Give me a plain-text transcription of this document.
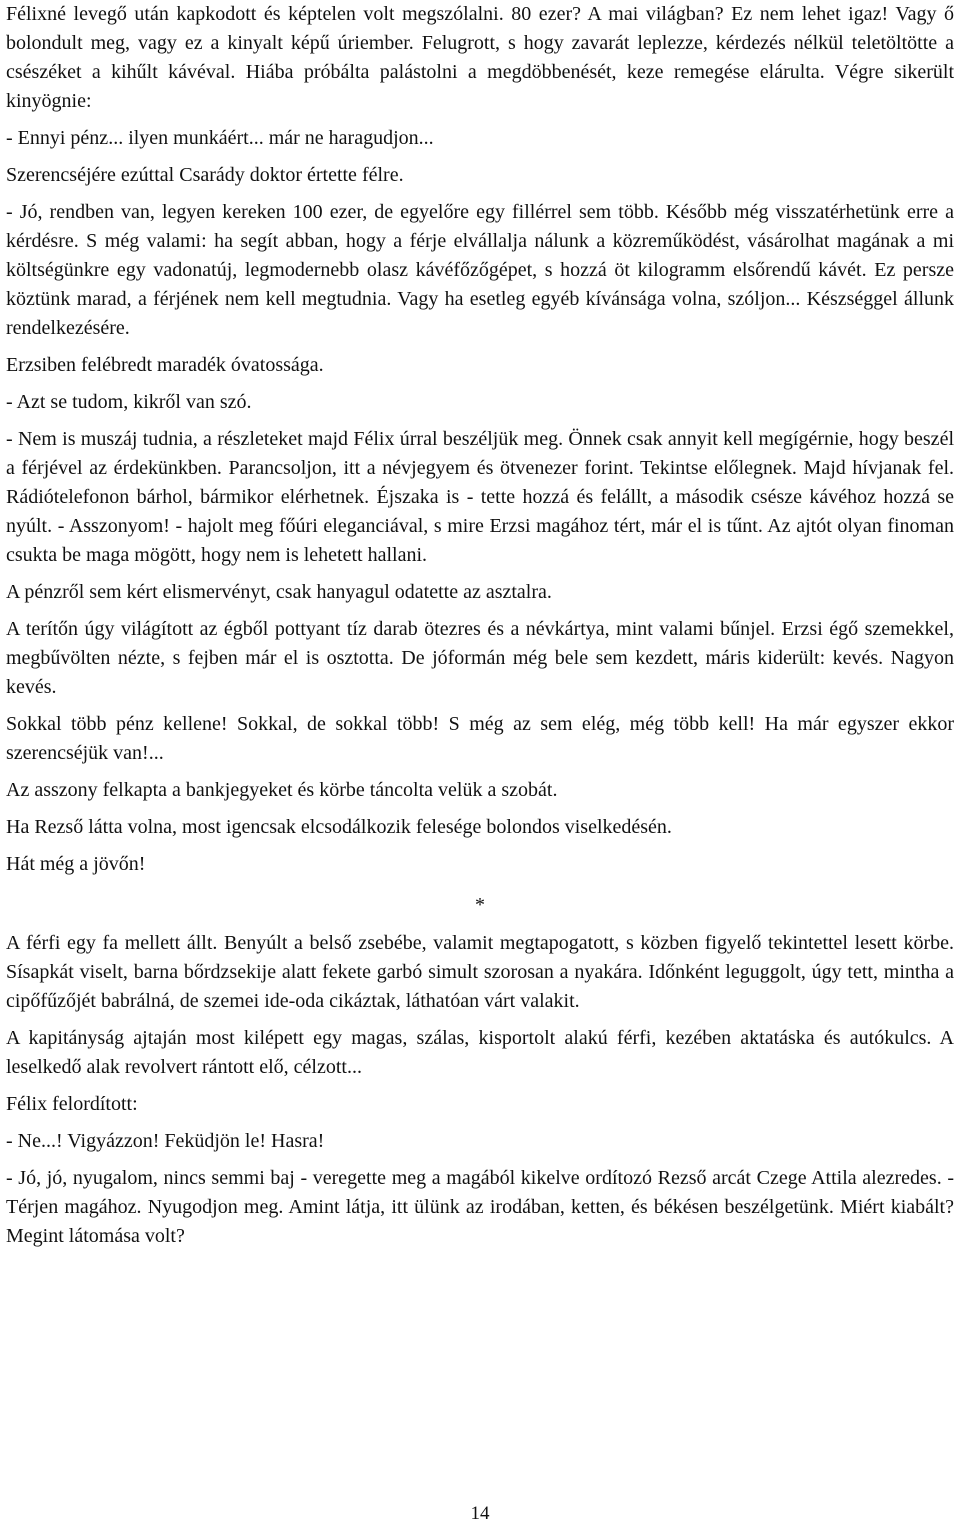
Félixné levegő után kapkodott és képtelen volt megszólalni. 80 ezer? A mai világban? Ez nem lehet igaz! Vagy ő bolondult meg, vagy ez a kinyalt képű úriember. Felugrott, s hogy zavarát leplezze, kérdezés nélkül teletöltötte a csészéket a kihűlt kávéval. Hiába próbálta palástolni a megdöbbenését, keze remegése elárulta. Végre sikerült kinyögnie:

- Ennyi pénz... ilyen munkáért... már ne haragudjon...

Szerencséjére ezúttal Csarády doktor értette félre.

- Jó, rendben van, legyen kereken 100 ezer, de egyelőre egy fillérrel sem több. Később még visszatérhetünk erre a kérdésre. S még valami: ha segít abban, hogy a férje elvállalja nálunk a közreműködést, vásárolhat magának a mi költségünkre egy vadonatúj, legmodernebb olasz kávéfőzőgépet, s hozzá öt kilogramm elsőrendű kávét. Ez persze köztünk marad, a férjének nem kell megtudnia. Vagy ha esetleg egyéb kívánsága volna, szóljon... Készséggel állunk rendelkezésére.

Erzsiben felébredt maradék óvatossága.

- Azt se tudom, kikről van szó.

- Nem is muszáj tudnia, a részleteket majd Félix úrral beszéljük meg. Önnek csak annyit kell megígérnie, hogy beszél a férjével az érdekünkben. Parancsoljon, itt a névjegyem és ötvenezer forint. Tekintse előlegnek. Majd hívjanak fel. Rádiótelefonon bárhol, bármikor elérhetnek. Éjszaka is - tette hozzá és felállt, a második csésze kávéhoz hozzá se nyúlt. - Asszonyom! - hajolt meg főúri eleganciával, s mire Erzsi magához tért, már el is tűnt. Az ajtót olyan finoman csukta be maga mögött, hogy nem is lehetett hallani.

A pénzről sem kért elismervényt, csak hanyagul odatette az asztalra.

A terítőn úgy világított az égből pottyant tíz darab ötezres és a névkártya, mint valami bűnjel. Erzsi égő szemekkel, megbűvölten nézte, s fejben már el is osztotta. De jóformán még bele sem kezdett, máris kiderült: kevés. Nagyon kevés.

Sokkal több pénz kellene! Sokkal, de sokkal több! S még az sem elég, még több kell! Ha már egyszer ekkor szerencséjük van!...

Az asszony felkapta a bankjegyeket és körbe táncolta velük a szobát.

Ha Rezső látta volna, most igencsak elcsodálkozik felesége bolondos viselkedésén.

Hát még a jövőn!

*

A férfi egy fa mellett állt. Benyúlt a belső zsebébe, valamit megtapogatott, s közben figyelő tekintettel lesett körbe. Sísapkát viselt, barna bőrdzsekije alatt fekete garbó simult szorosan a nyakára. Időnként leguggolt, úgy tett, mintha a cipőfűzőjét babrálná, de szemei ide-oda cikáztak, láthatóan várt valakit.

A kapitányság ajtaján most kilépett egy magas, szálas, kisportolt alakú férfi, kezében aktatáska és autókulcs. A leselkedő alak revolvert rántott elő, célzott...

Félix felordított:

- Ne...! Vigyázzon! Feküdjön le! Hasra!

- Jó, jó, nyugalom, nincs semmi baj - veregette meg a magából kikelve ordítozó Rezső arcát Czege Attila alezredes. - Térjen magához. Nyugodjon meg. Amint látja, itt ülünk az irodában, ketten, és békésen beszélgetünk. Miért kiabált? Megint látomása volt?

14
